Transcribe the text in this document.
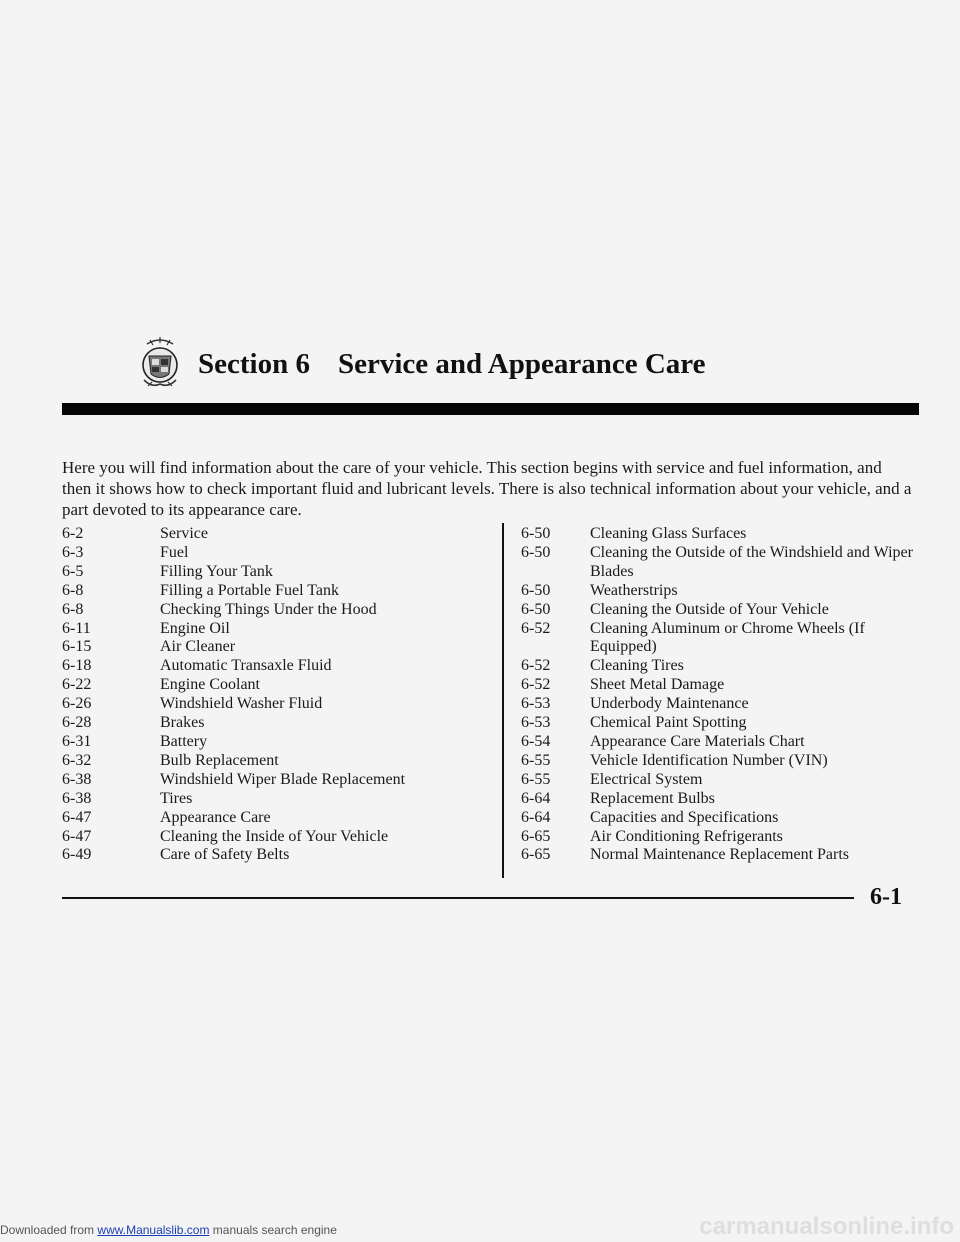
Section 6 Service and Appearance Care

Here you will find information about the care of your vehicle. This section begins with service and fuel information, and then it shows how to check important fluid and lubricant levels. There is also technical information about your vehicle, and a part devoted to its appearance care.

6-2	Service
6-3	Fuel
6-5	Filling Your Tank
6-8	Filling a Portable Fuel Tank
6-8	Checking Things Under the Hood
6-11	Engine Oil
6-15	Air Cleaner
6-18	Automatic Transaxle Fluid
6-22	Engine Coolant
6-26	Windshield Washer Fluid
6-28	Brakes
6-31	Battery
6-32	Bulb Replacement
6-38	Windshield Wiper Blade Replacement
6-38	Tires
6-47	Appearance Care
6-47	Cleaning the Inside of Your Vehicle
6-49	Care of Safety Belts
6-50	Cleaning Glass Surfaces
6-50	Cleaning the Outside of the Windshield and Wiper Blades
6-50	Weatherstrips
6-50	Cleaning the Outside of Your Vehicle
6-52	Cleaning Aluminum or Chrome Wheels (If Equipped)
6-52	Cleaning Tires
6-52	Sheet Metal Damage
6-53	Underbody Maintenance
6-53	Chemical Paint Spotting
6-54	Appearance Care Materials Chart
6-55	Vehicle Identification Number (VIN)
6-55	Electrical System
6-64	Replacement Bulbs
6-64	Capacities and Specifications
6-65	Air Conditioning Refrigerants
6-65	Normal Maintenance Replacement Parts
6-1
Downloaded from www.Manualslib.com manuals search engine	carmanualsonline.info
